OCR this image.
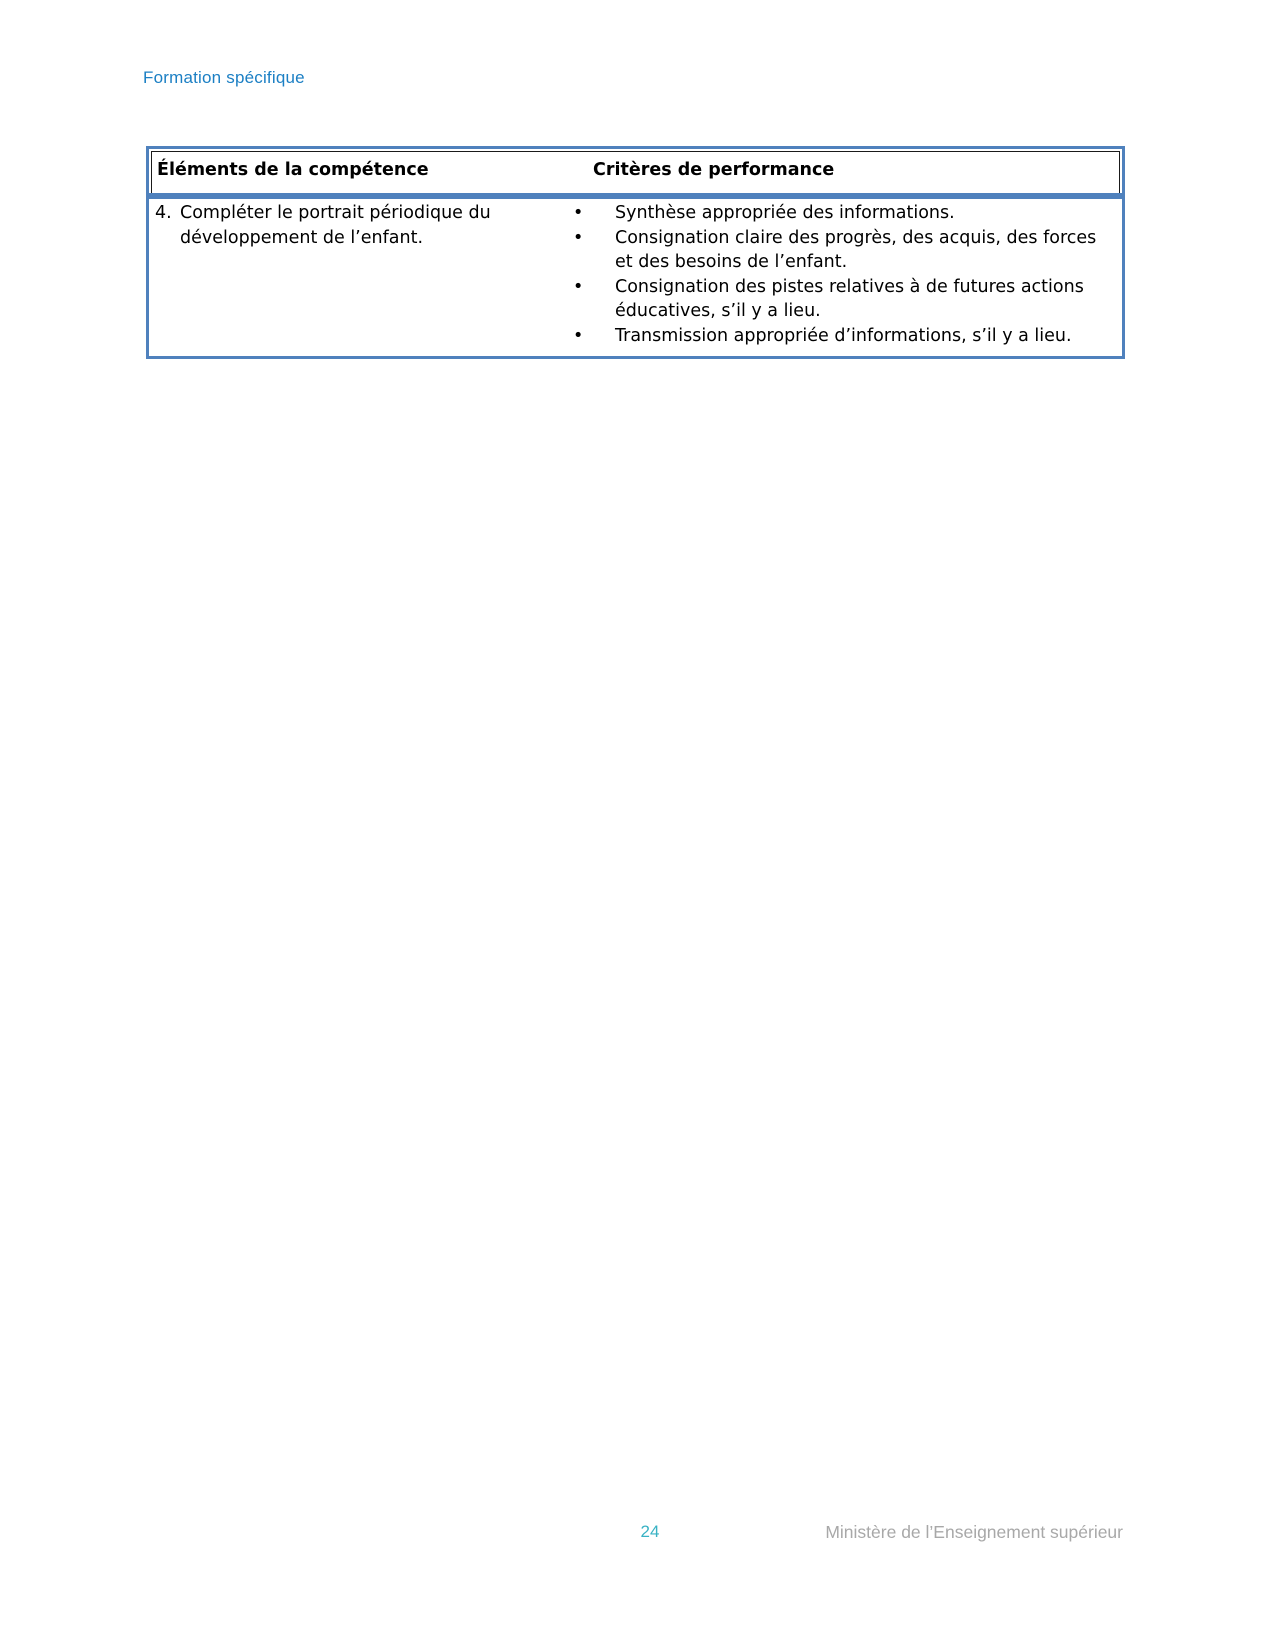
Formation spécifique
Éléments de la compétence	Critères de performance
4. Compléter le portrait périodique du développement de l’enfant.
•	Synthèse appropriée des informations.
•	Consignation claire des progrès, des acquis, des forces et des besoins de l’enfant.
•	Consignation des pistes relatives à de futures actions éducatives, s’il y a lieu.
•	Transmission appropriée d’informations, s’il y a lieu.
24	Ministère de l’Enseignement supérieur
